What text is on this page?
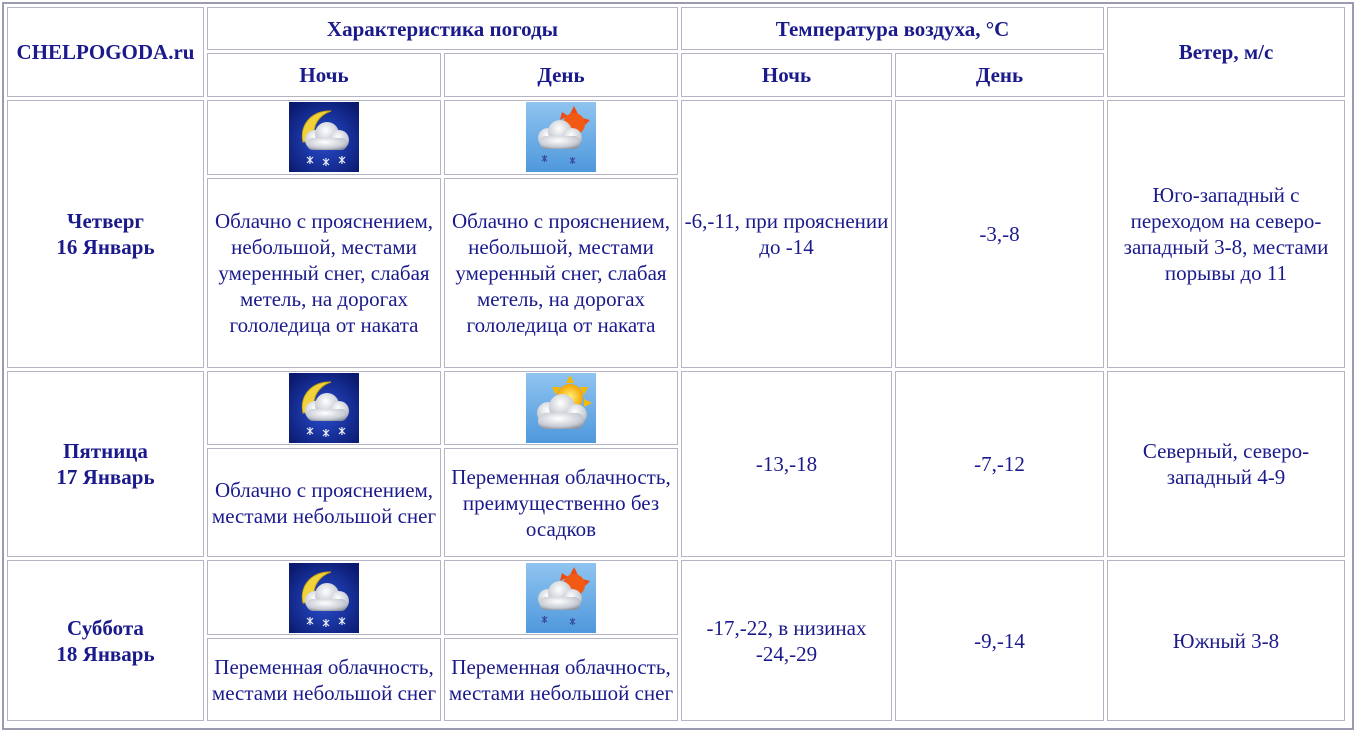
CHELPOGODA.ru	Характеристика погоды		Температура воздуха, °C		Ветер, м/с
	Ночь	День	Ночь	День	
Четверг
16 Январь			-6,-11, при прояснении до -14	-3,-8	Юго-западный с переходом на северо-западный 3-8, местами порывы до 11
	Облачно с прояснением, небольшой, местами умеренный снег, слабая метель, на дорогах гололедица от наката	Облачно с прояснением, небольшой, местами умеренный снег, слабая метель, на дорогах гололедица от наката			
Пятница
17 Январь			-13,-18	-7,-12	Северный, северо-западный 4-9
	Облачно с прояснением, местами небольшой снег	Переменная облачность, преимущественно без осадков			
Суббота
18 Январь			-17,-22, в низинах -24,-29	-9,-14	Южный 3-8
	Переменная облачность, местами небольшой снег	Переменная облачность, местами небольшой снег			
